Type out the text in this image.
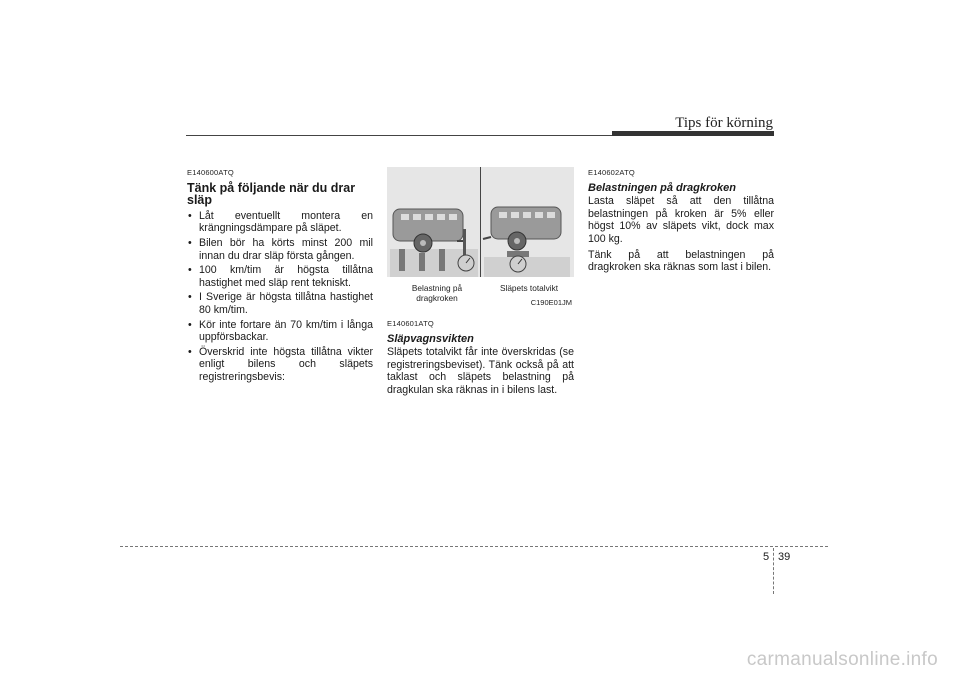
Tips för körning
E140600ATQ
Tänk på följande när du drar släp
• Låt eventuellt montera en krängningsdämpare på släpet.
• Bilen bör ha körts minst 200 mil innan du drar släp första gången.
• 100 km/tim är högsta tillåtna hastighet med släp rent tekniskt.
• I Sverige är högsta tillåtna hastighet 80 km/tim.
• Kör inte fortare än 70 km/tim i långa uppförsbackar.
• Överskrid inte högsta tillåtna vikter enligt bilens och släpets registreringsbevis:
Belastning på dragkroken
Släpets totalvikt
C190E01JM
E140601ATQ
Släpvagnsvikten
Släpets totalvikt får inte överskridas (se registreringsbeviset). Tänk också på att taklast och släpets belastning på dragkulan ska räknas in i bilens last.
E140602ATQ
Belastningen på dragkroken
Lasta släpet så att den tillåtna belastningen på kroken är 5% eller högst 10% av släpets vikt, dock max 100 kg.
Tänk på att belastningen på dragkroken ska räknas som last i bilen.
5 39
carmanualsonline.info
